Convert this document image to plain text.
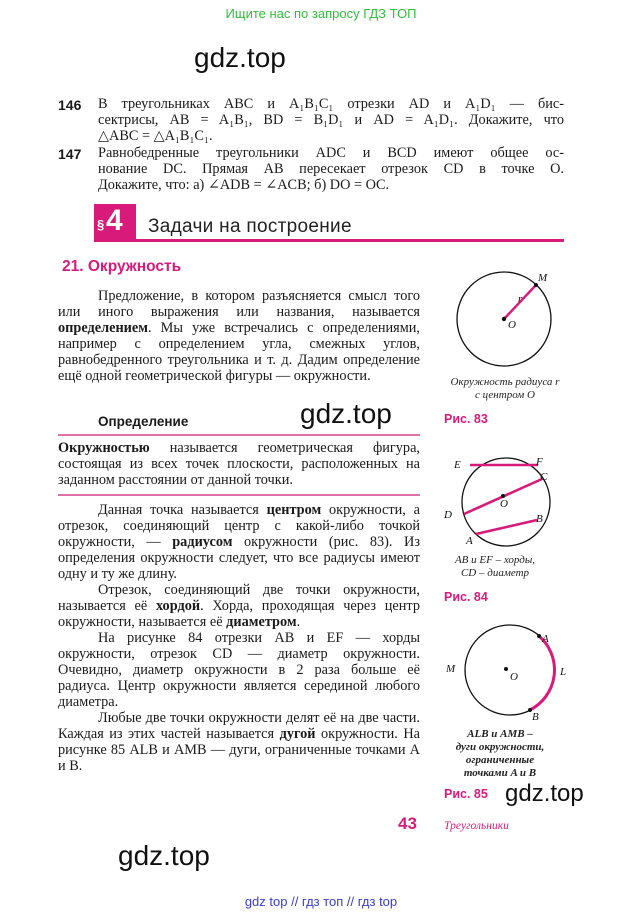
Ищите нас по запросу ГДЗ ТОП
gdz.top
gdz.top
gdz.top
gdz.top
146 В треугольниках ABC и A₁B₁C₁ отрезки AD и A₁D₁ — бис-

сектрисы, AB = A₁B₁, BD = B₁D₁ и AD = A₁D₁. Докажите, что

△ABC = △A₁B₁C₁.

147 Равнобедренные треугольники ADC и BCD имеют общее ос-

нование DC. Прямая AB пересекает отрезок CD в точке O.

Докажите, что: а) ∠ADB = ∠ACB; б) DO = OC.

§ 4 Задачи на построение
21. Окружность

Предложение, в котором разъясняется смысл того или иного выражения или названия, называется определением. Мы уже встречались с определениями, например с определением угла, смежных углов, равнобедренного треугольника и т. д. Дадим определение ещё одной геометрической фигуры — окружности.

Определение

Окружностью называется геометрическая фигура, состоящая из всех точек плоскости, расположенных на заданном расстоянии от данной точки.

Данная точка называется центром окружности, а отрезок, соединяющий центр с какой-либо точкой окружности, — радиусом окружности (рис. 83). Из определения окружности следует, что все радиусы имеют одну и ту же длину.

Отрезок, соединяющий две точки окружности, называется её хордой. Хорда, проходящая через центр окружности, называется её диаметром.

На рисунке 84 отрезки AB и EF — хорды окружности, отрезок CD — диаметр окружности. Очевидно, диаметр окружности в 2 раза больше её радиуса. Центр окружности является серединой любого диаметра.

Любые две точки окружности делят её на две части. Каждая из этих частей называется дугой окружности. На рисунке 85 ALB и AMB — дуги, ограниченные точками A и B.

M
O
r
Окружность радиуса r
с центром O
Рис. 83
E	F
C
O
D	B
A
AB и EF – хорды,
CD – диаметр
Рис. 84
A
M
O	L
B
ALB и AMB –
дуги окружности,
ограниченные
точками A и B
Рис. 85
43 Треугольники
gdz top // гдз топ // гдз top
